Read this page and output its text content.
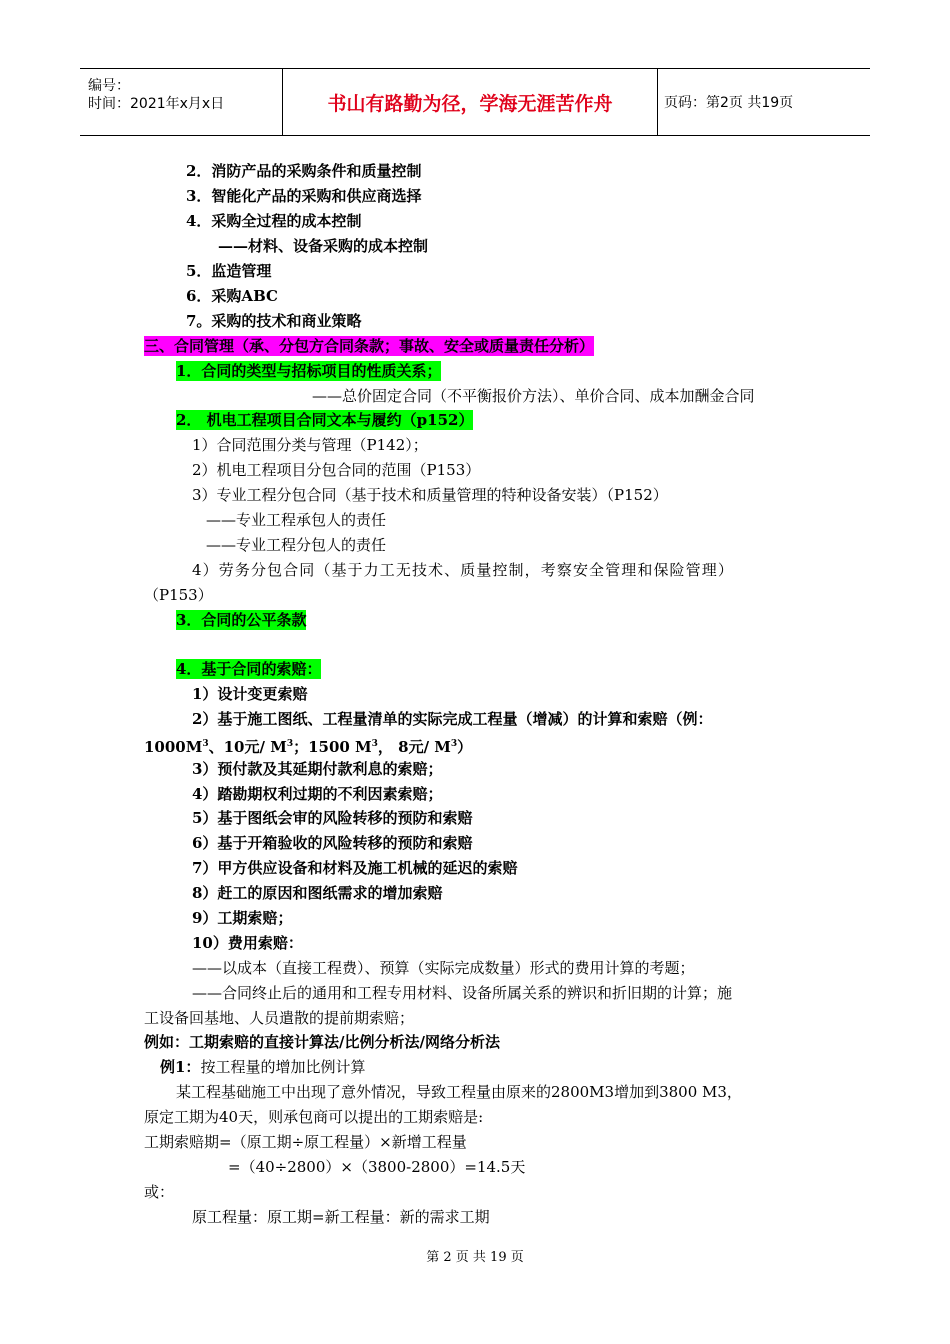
编号：
时间：2021年x月x日	书山有路勤为径，学海无涯苦作舟	页码：第2页 共19页
2．消防产品的采购条件和质量控制
3．智能化产品的采购和供应商选择
4．采购全过程的成本控制
——材料、设备采购的成本控制
5．监造管理
6．采购ABC
7。采购的技术和商业策略
三、合同管理（承、分包方合同条款；事故、安全或质量责任分析）
1．合同的类型与招标项目的性质关系；
——总价固定合同（不平衡报价方法）、单价合同、成本加酬金合同
2． 机电工程项目合同文本与履约（p152）
1）合同范围分类与管理（P142）；
2）机电工程项目分包合同的范围（P153）
3）专业工程分包合同（基于技术和质量管理的特种设备安装）（P152）
——专业工程承包人的责任
——专业工程分包人的责任
4）劳务分包合同（基于力工无技术、质量控制，考察安全管理和保险管理）
（P153）
3．合同的公平条款
4．基于合同的索赔：
1）设计变更索赔
2）基于施工图纸、工程量清单的实际完成工程量（增减）的计算和索赔（例：
$1000M^3$、10元/ $M^3$；1500 $M^3$， 8元/ $M^3$）
3）预付款及其延期付款利息的索赔；
4）踏勘期权利过期的不利因素索赔；
5）基于图纸会审的风险转移的预防和索赔
6）基于开箱验收的风险转移的预防和索赔
7）甲方供应设备和材料及施工机械的延迟的索赔
8）赶工的原因和图纸需求的增加索赔
9）工期索赔；
10）费用索赔：
——以成本（直接工程费）、预算（实际完成数量）形式的费用计算的考题；
——合同终止后的通用和工程专用材料、设备所属关系的辨识和折旧期的计算；施
工设备回基地、人员遣散的提前期索赔；
例如：工期索赔的直接计算法/比例分析法/网络分析法
例1：按工程量的增加比例计算
某工程基础施工中出现了意外情况，导致工程量由原来的2800M3增加到3800 M3，
原定工期为40天，则承包商可以提出的工期索赔是:
工期索赔期=（原工期÷原工程量）×新增工程量
=（40÷2800）×（3800-2800）=14.5天
或：
原工程量：原工期=新工程量：新的需求工期
第 2 页 共 19 页
